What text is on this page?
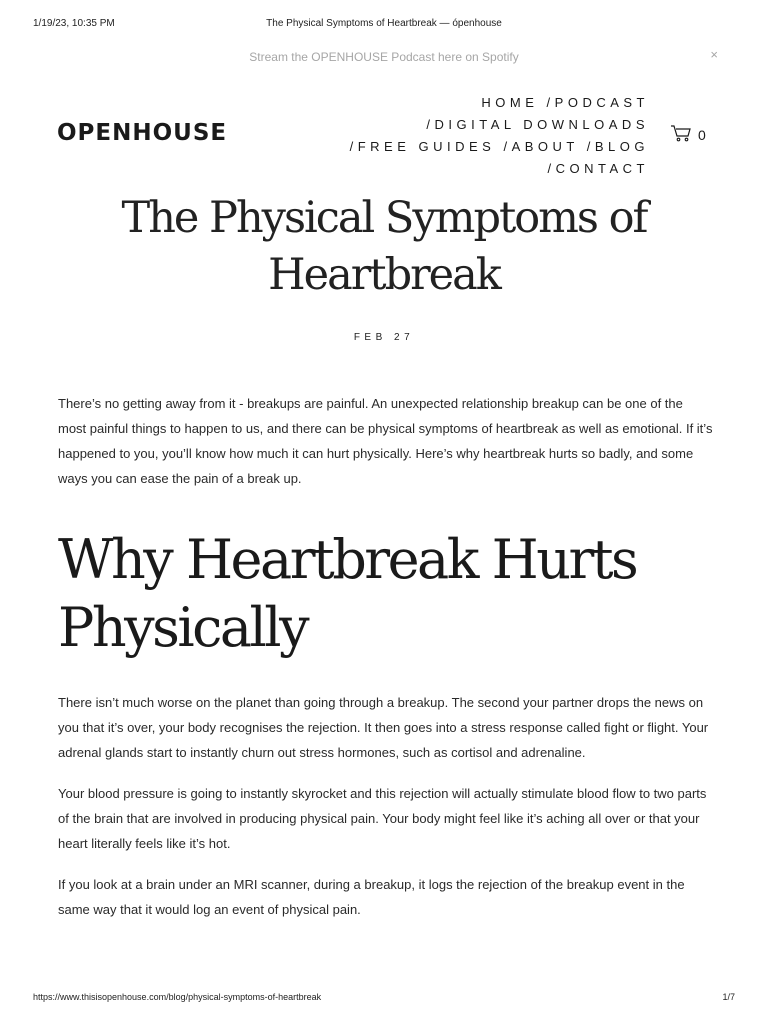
1/19/23, 10:35 PM	The Physical Symptoms of Heartbreak — ópenhouse
Stream the OPENHOUSE Podcast here on Spotify	×
OPENHOUSE
HOME /PODCAST
/DIGITAL DOWNLOADS
/FREE GUIDES /ABOUT /BLOG
/CONTACT
0
The Physical Symptoms of Heartbreak
FEB 27

There’s no getting away from it - breakups are painful. An unexpected relationship breakup can be one of the most painful things to happen to us, and there can be physical symptoms of heartbreak as well as emotional. If it’s happened to you, you’ll know how much it can hurt physically. Here’s why heartbreak hurts so badly, and some ways you can ease the pain of a break up.

Why Heartbreak Hurts Physically

There isn’t much worse on the planet than going through a breakup. The second your partner drops the news on you that it’s over, your body recognises the rejection. It then goes into a stress response called fight or flight. Your adrenal glands start to instantly churn out stress hormones, such as cortisol and adrenaline.

Your blood pressure is going to instantly skyrocket and this rejection will actually stimulate blood flow to two parts of the brain that are involved in producing physical pain. Your body might feel like it’s aching all over or that your heart literally feels like it’s hot.

If you look at a brain under an MRI scanner, during a breakup, it logs the rejection of the breakup event in the same way that it would log an event of physical pain.

https://www.thisisopenhouse.com/blog/physical-symptoms-of-heartbreak	1/7
